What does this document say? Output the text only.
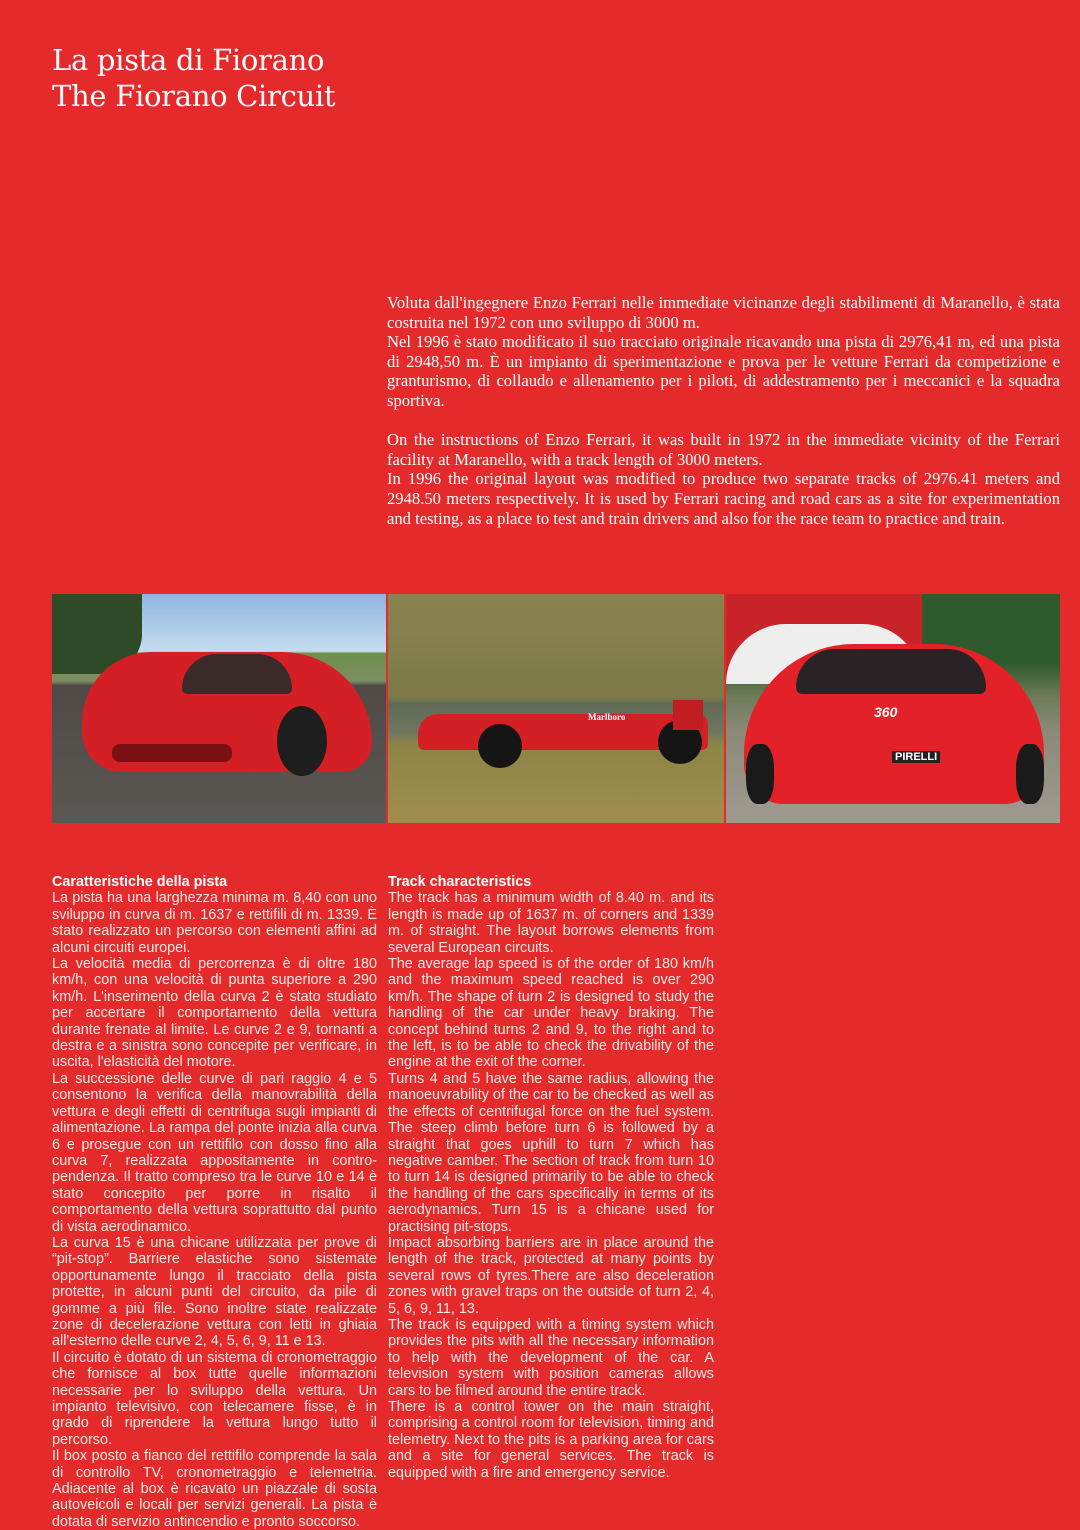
La pista di Fiorano
The Fiorano Circuit

Voluta dall'ingegnere Enzo Ferrari nelle immediate vicinanze degli stabilimenti di Maranello, è stata costruita nel 1972 con uno sviluppo di 3000 m.

Nel 1996 è stato modificato il suo tracciato originale ricavando una pista di 2976,41 m, ed una pista di 2948,50 m. È un impianto di sperimentazione e prova per le vetture Ferrari da competizione e granturismo, di collaudo e allenamento per i piloti, di addestramento per i meccanici e la squadra sportiva.

On the instructions of Enzo Ferrari, it was built in 1972 in the immediate vicinity of the Ferrari facility at Maranello, with a track length of 3000 meters.

In 1996 the original layout was modified to produce two separate tracks of 2976.41 meters and 2948.50 meters respectively. It is used by Ferrari racing and road cars as a site for experimentation and testing, as a place to test and train drivers and also for the race team to practice and train.

Marlboro	360
PIRELLI
Caratteristiche della pista

La pista ha una larghezza minima m. 8,40 con uno sviluppo in curva di m. 1637 e rettifili di m. 1339. È stato realizzato un percorso con elementi affini ad alcuni circuiti europei.

La velocità media di percorrenza è di oltre 180 km/h, con una velocità di punta superiore a 290 km/h. L'inserimento della curva 2 è stato studiato per accertare il comportamento della vettura durante frenate al limite. Le curve 2 e 9, tornanti a destra e a sinistra sono concepite per verificare, in uscita, l'elasticità del motore.

La successione delle curve di pari raggio 4 e 5 consentono la verifica della manovrabilità della vettura e degli effetti di centrifuga sugli impianti di alimentazione. La rampa del ponte inizia alla curva 6 e prosegue con un rettifilo con dosso fino alla curva 7, realizzata appositamente in contro-pendenza. Il tratto compreso tra le curve 10 e 14 è stato concepito per porre in risalto il comportamento della vettura soprattutto dal punto di vista aerodinamico.

La curva 15 è una chicane utilizzata per prove di “pit-stop”. Barriere elastiche sono sistemate opportunamente lungo il tracciato della pista protette, in alcuni punti del circuito, da pile di gomme a più file. Sono inoltre state realizzate zone di decelerazione vettura con letti in ghiaia all'esterno delle curve 2, 4, 5, 6, 9, 11 e 13.

Il circuito è dotato di un sistema di cronometraggio che fornisce al box tutte quelle informazioni necessarie per lo sviluppo della vettura. Un impianto televisivo, con telecamere fisse, è in grado di riprendere la vettura lungo tutto il percorso.

Il box posto a fianco del rettifilo comprende la sala di controllo TV, cronometraggio e telemetria. Adiacente al box è ricavato un piazzale di sosta autoveicoli e locali per servizi generali. La pista è dotata di servizio antincendio e pronto soccorso.

Track characteristics

The track has a minimum width of 8.40 m. and its length is made up of 1637 m. of corners and 1339 m. of straight. The layout borrows elements from several European circuits.

The average lap speed is of the order of 180 km/h and the maximum speed reached is over 290 km/h. The shape of turn 2 is designed to study the handling of the car under heavy braking. The concept behind turns 2 and 9, to the right and to the left, is to be able to check the drivability of the engine at the exit of the corner.

Turns 4 and 5 have the same radius, allowing the manoeuvrability of the car to be checked as well as the effects of centrifugal force on the fuel system. The steep climb before turn 6 is followed by a straight that goes uphill to turn 7 which has negative camber. The section of track from turn 10 to turn 14 is designed primarily to be able to check the handling of the cars specifically in terms of its aerodynamics. Turn 15 is a chicane used for practising pit-stops.

Impact absorbing barriers are in place around the length of the track, protected at many points by several rows of tyres.There are also deceleration zones with gravel traps on the outside of turn 2, 4, 5, 6, 9, 11, 13.

The track is equipped with a timing system which provides the pits with all the necessary information to help with the development of the car. A television system with position cameras allows cars to be filmed around the entire track.

There is a control tower on the main straight, comprising a control room for television, timing and telemetry. Next to the pits is a parking area for cars and a site for general services. The track is equipped with a fire and emergency service.
